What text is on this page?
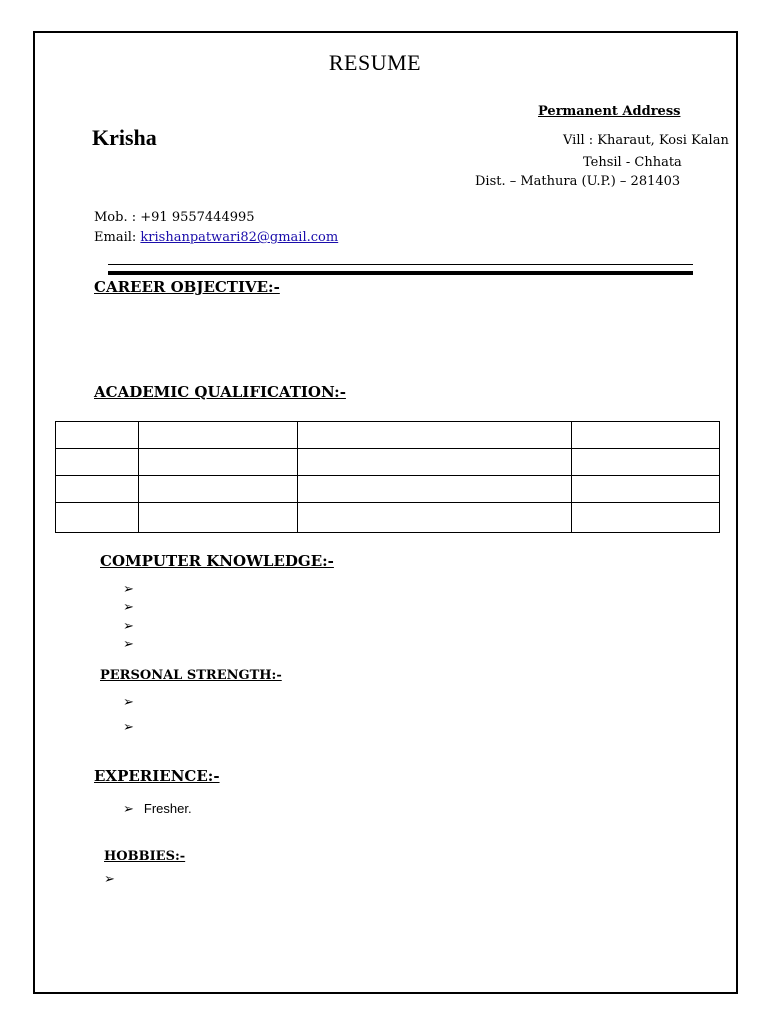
RESUME
Permanent Address
Krisha	Vill : Kharaut, Kosi Kalan
Tehsil - Chhata
Dist. – Mathura (U.P.) – 281403
Mob. : +91 9557444995
Email: krishanpatwari82@gmail.com
CAREER OBJECTIVE:-
ACADEMIC QUALIFICATION:-

COMPUTER KNOWLEDGE:-
➢
➢
➢
➢
PERSONAL STRENGTH:-
➢
➢
EXPERIENCE:-
➢ Fresher.
HOBBIES:-
➢
